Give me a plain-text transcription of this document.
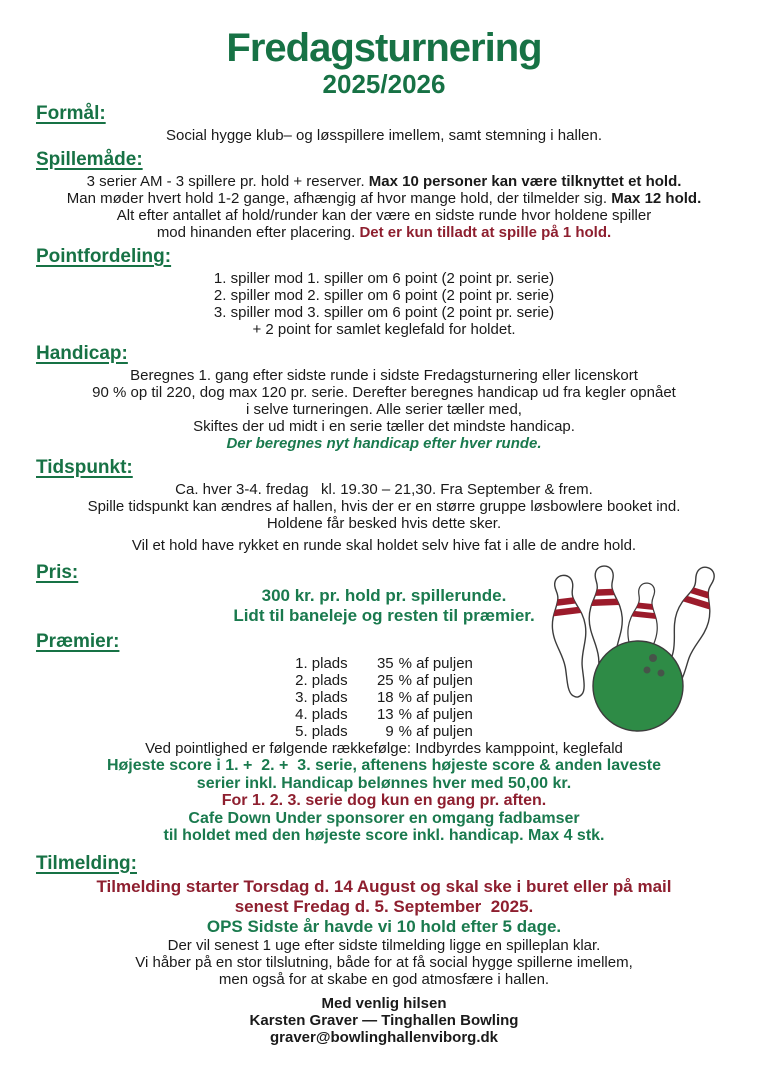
Fredagsturnering
2025/2026
Formål:

Social hygge klub– og løsspillere imellem, samt stemning i hallen.

Spillemåde:

3 serier AM - 3 spillere pr. hold + reserver. Max 10 personer kan være tilknyttet et hold.

Man møder hvert hold 1-2 gange, afhængig af hvor mange hold, der tilmelder sig. Max 12 hold.

Alt efter antallet af hold/runder kan der være en sidste runde hvor holdene spiller

mod hinanden efter placering. Det er kun tilladt at spille på 1 hold.

Pointfordeling:

1. spiller mod 1. spiller om 6 point (2 point pr. serie)

2. spiller mod 2. spiller om 6 point (2 point pr. serie)

3. spiller mod 3. spiller om 6 point (2 point pr. serie)

+ 2 point for samlet keglefald for holdet.

Handicap:

Beregnes 1. gang efter sidste runde i sidste Fredagsturnering eller licenskort

90 % op til 220, dog max 120 pr. serie. Derefter beregnes handicap ud fra kegler opnået

i selve turneringen. Alle serier tæller med,

Skiftes der ud midt i en serie tæller det mindste handicap.

Der beregnes nyt handicap efter hver runde.

Tidspunkt:

Ca. hver 3-4. fredag   kl. 19.30 – 21,30. Fra September & frem.

Spille tidspunkt kan ændres af hallen, hvis der er en større gruppe løsbowlere booket ind.

Holdene får besked hvis dette sker.

Vil et hold have rykket en runde skal holdet selv hive fat i alle de andre hold.

Pris:

300 kr. pr. hold pr. spillerunde.

Lidt til baneleje og resten til præmier.

Præmier:
1. plads	35	% af puljen
2. plads	25	% af puljen
3. plads	18	% af puljen
4. plads	13	% af puljen
5. plads	9	% af puljen

Ved pointlighed er følgende rækkefølge: Indbyrdes kamppoint, keglefald

Højeste score i 1. +  2. +  3. serie, aftenens højeste score & anden laveste

serier inkl. Handicap belønnes hver med 50,00 kr.

For 1. 2. 3. serie dog kun en gang pr. aften.

Cafe Down Under sponsorer en omgang fadbamser

til holdet med den højeste score inkl. handicap. Max 4 stk.

Tilmelding:

Tilmelding starter Torsdag d. 14 August og skal ske i buret eller på mail

senest Fredag d. 5. September  2025.

OPS Sidste år havde vi 10 hold efter 5 dage.

Der vil senest 1 uge efter sidste tilmelding ligge en spilleplan klar.

Vi håber på en stor tilslutning, både for at få social hygge spillerne imellem,

men også for at skabe en god atmosfære i hallen.

Med venlig hilsen

Karsten Graver — Tinghallen Bowling

graver@bowlinghallenviborg.dk
